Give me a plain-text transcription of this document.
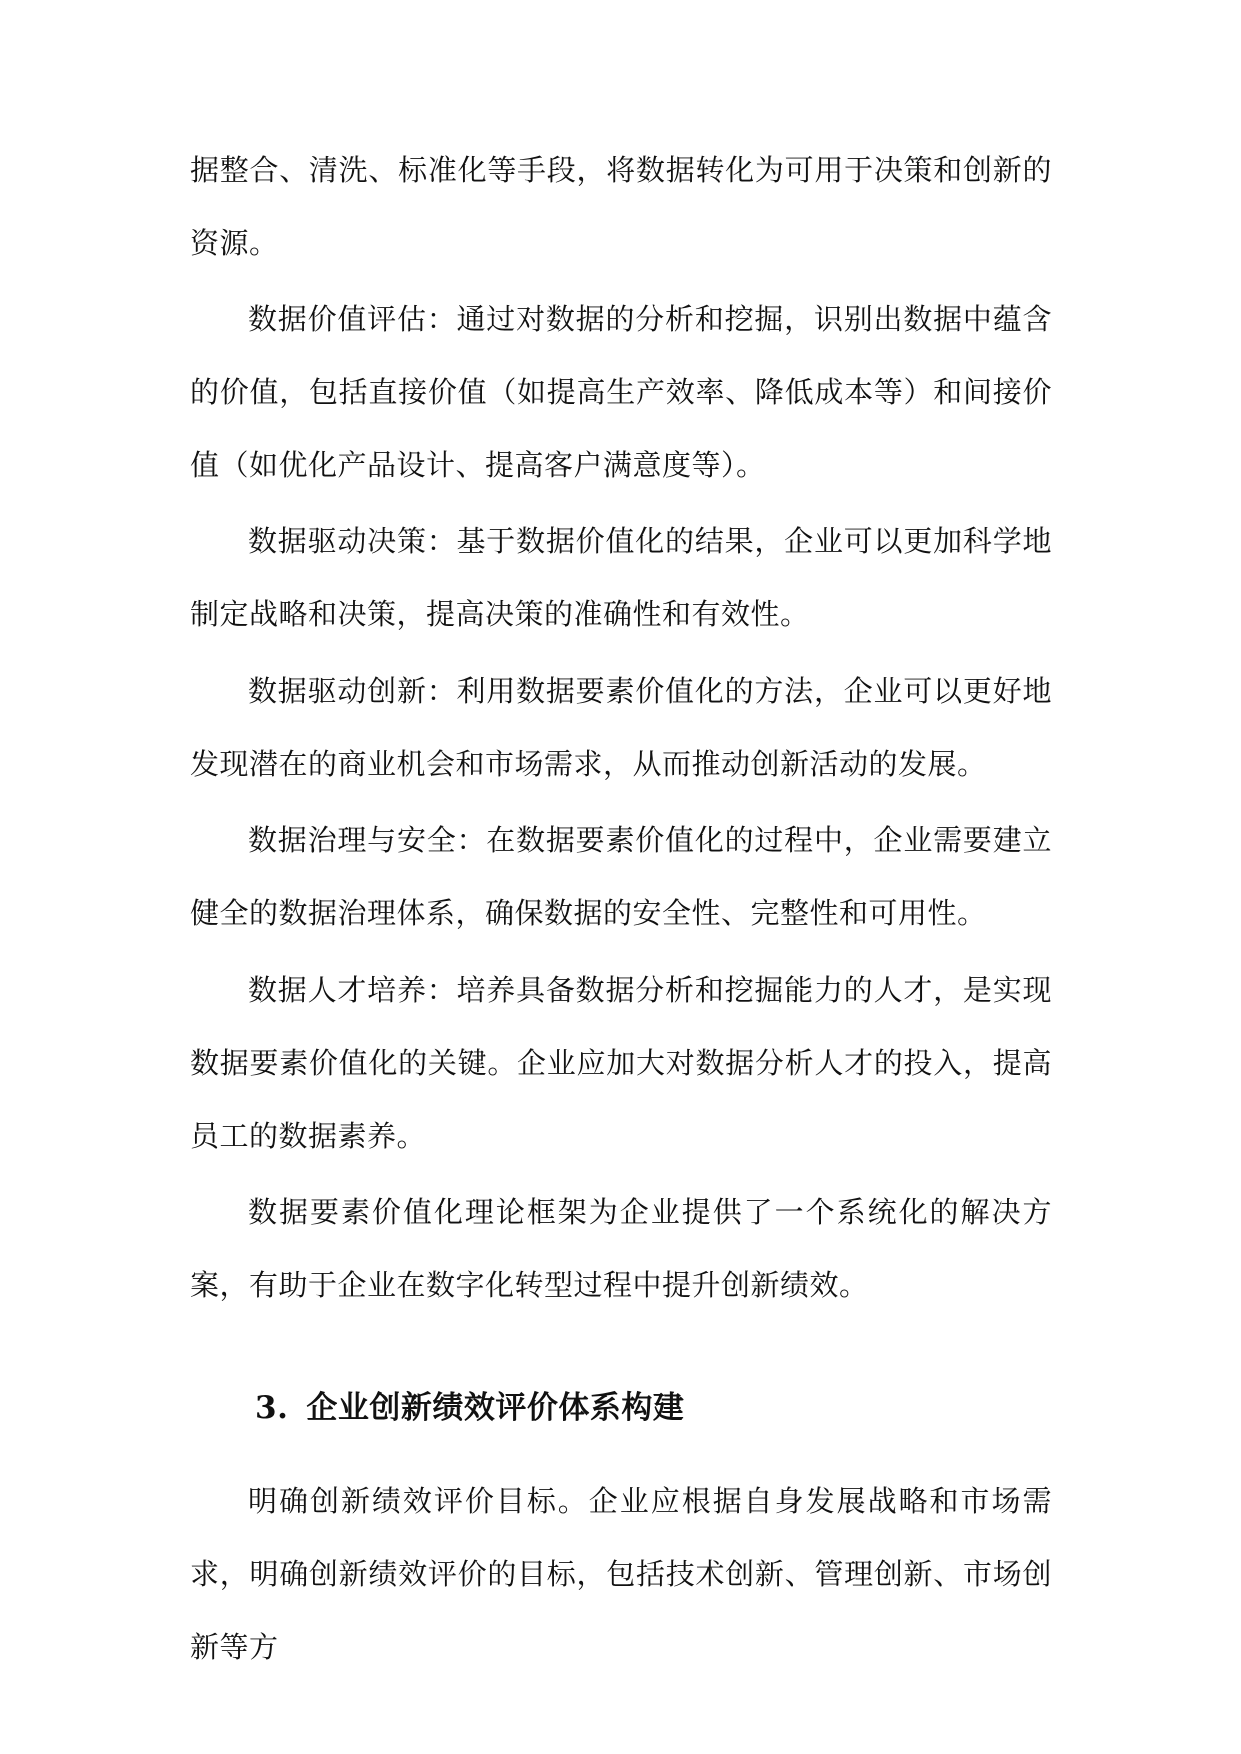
据整合、清洗、标准化等手段，将数据转化为可用于决策和创新的资源。

数据价值评估：通过对数据的分析和挖掘，识别出数据中蕴含的价值，包括直接价值（如提高生产效率、降低成本等）和间接价值（如优化产品设计、提高客户满意度等）。

数据驱动决策：基于数据价值化的结果，企业可以更加科学地制定战略和决策，提高决策的准确性和有效性。

数据驱动创新：利用数据要素价值化的方法，企业可以更好地发现潜在的商业机会和市场需求，从而推动创新活动的发展。

数据治理与安全：在数据要素价值化的过程中，企业需要建立健全的数据治理体系，确保数据的安全性、完整性和可用性。

数据人才培养：培养具备数据分析和挖掘能力的人才，是实现数据要素价值化的关键。企业应加大对数据分析人才的投入，提高员工的数据素养。

数据要素价值化理论框架为企业提供了一个系统化的解决方案，有助于企业在数字化转型过程中提升创新绩效。

3. 企业创新绩效评价体系构建

明确创新绩效评价目标。企业应根据自身发展战略和市场需求，明确创新绩效评价的目标，包括技术创新、管理创新、市场创新等方
